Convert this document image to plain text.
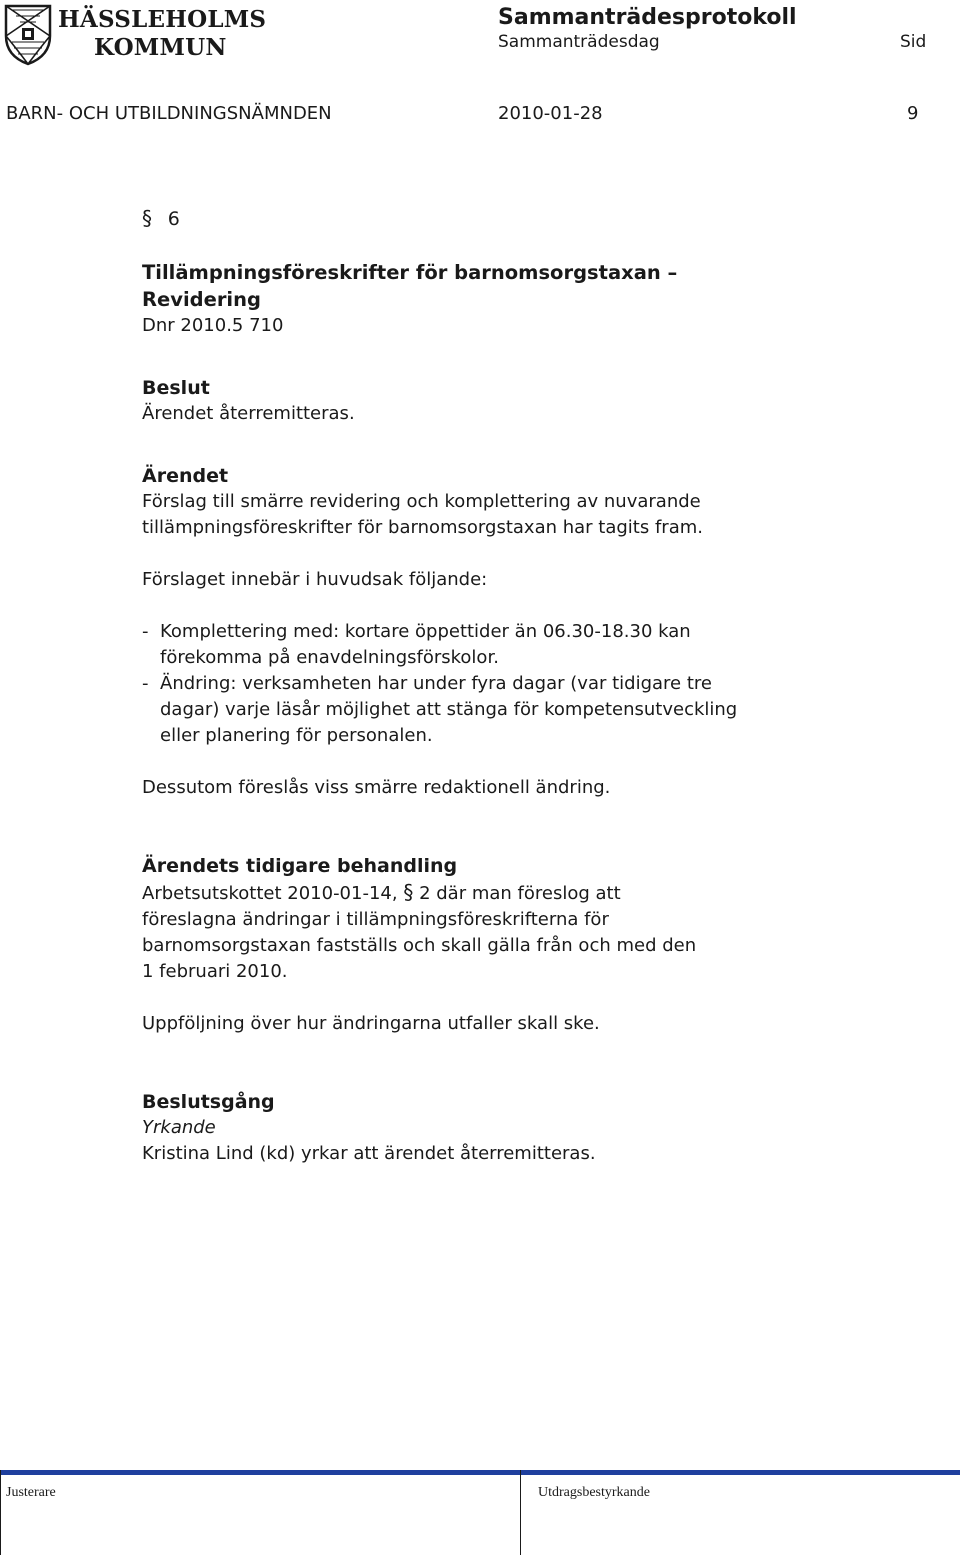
HÄSSLEHOLMS
KOMMUN
Sammanträdesprotokoll
Sammanträdesdag	Sid
BARN- OCH UTBILDNINGSNÄMNDEN	2010-01-28	9
§ 6
Tillämpningsföreskrifter för barnomsorgstaxan –
Revidering
Dnr 2010.5 710
Beslut
Ärendet återremitteras.
Ärendet
Förslag till smärre revidering och komplettering av nuvarande
tillämpningsföreskrifter för barnomsorgstaxan har tagits fram.
Förslaget innebär i huvudsak följande:
- Komplettering med: kortare öppettider än 06.30-18.30 kan
förekomma på enavdelningsförskolor.
- Ändring: verksamheten har under fyra dagar (var tidigare tre
dagar) varje läsår möjlighet att stänga för kompetensutveckling
eller planering för personalen.
Dessutom föreslås viss smärre redaktionell ändring.
Ärendets tidigare behandling
Arbetsutskottet 2010-01-14, § 2 där man föreslog att
föreslagna ändringar i tillämpningsföreskrifterna för
barnomsorgstaxan fastställs och skall gälla från och med den
1 februari 2010.
Uppföljning över hur ändringarna utfaller skall ske.
Beslutsgång
Yrkande
Kristina Lind (kd) yrkar att ärendet återremitteras.
Justerare	Utdragsbestyrkande
